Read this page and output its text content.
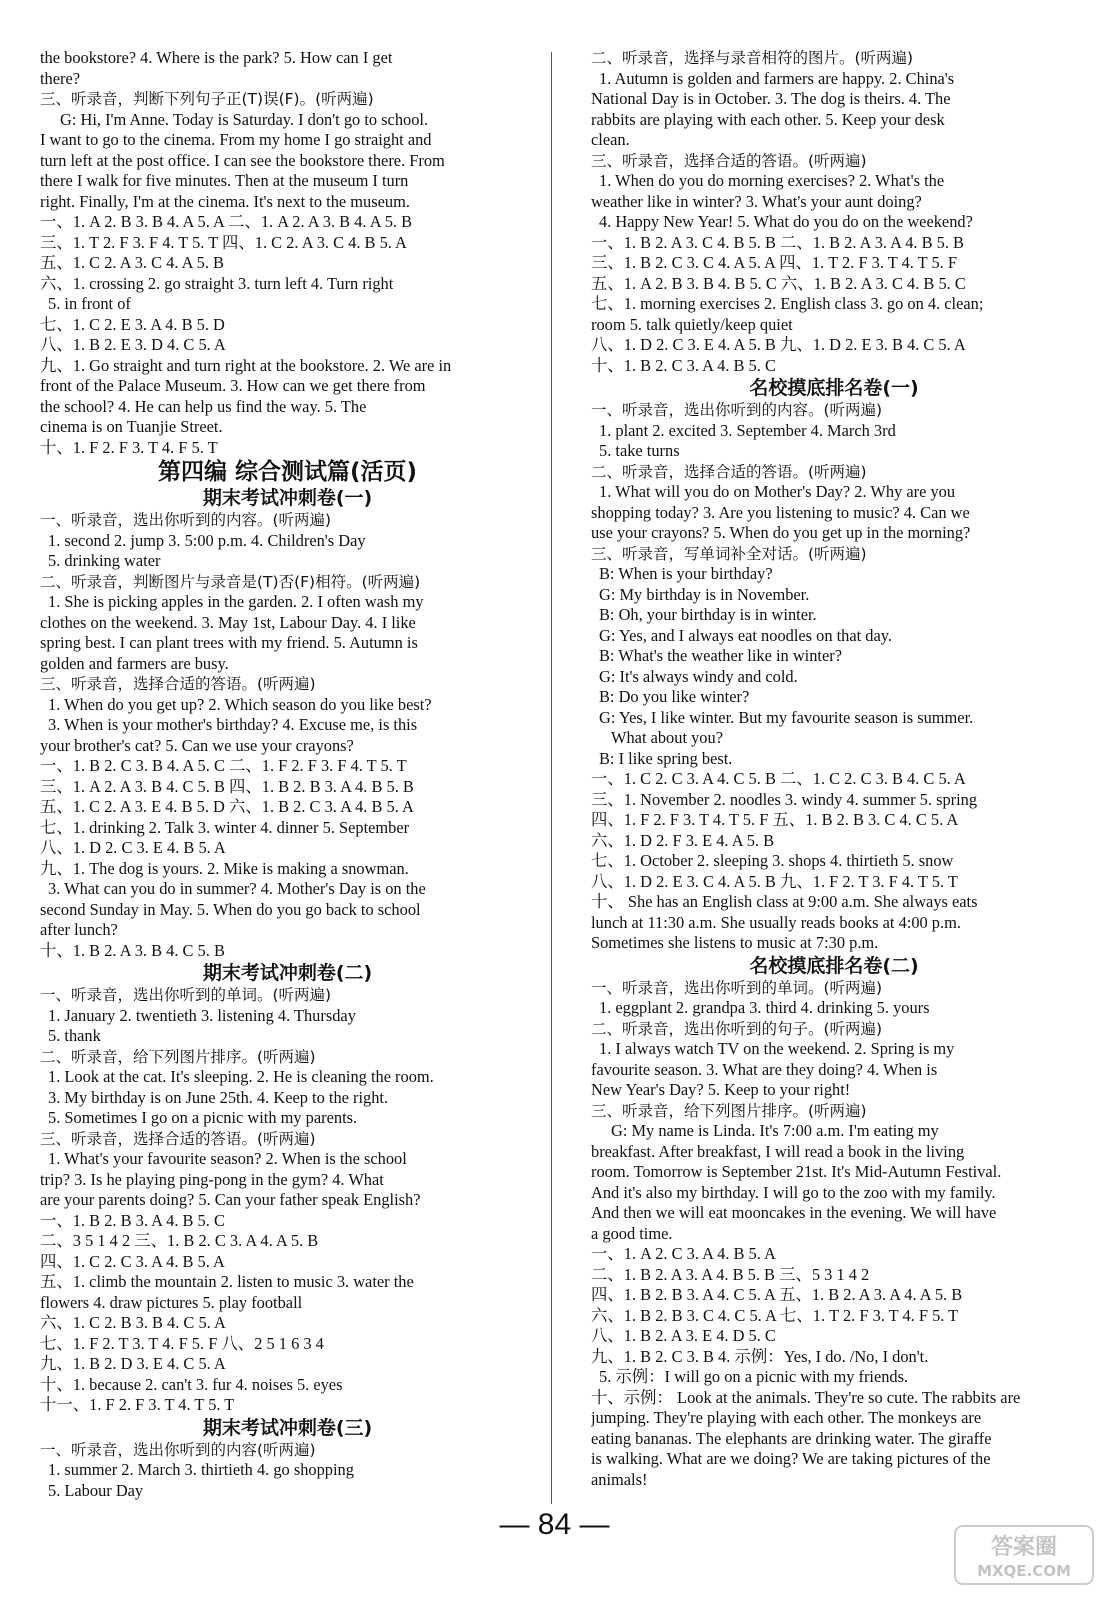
the bookstore? 4. Where is the park? 5. How can I get
there?
三、听录音，判断下列句子正(T)误(F)。(听两遍)
G: Hi, I'm Anne. Today is Saturday. I don't go to school.
I want to go to the cinema. From my home I go straight and
turn left at the post office. I can see the bookstore there. From
there I walk for five minutes. Then at the museum I turn
right. Finally, I'm at the cinema. It's next to the museum.
一、1. A 2. B 3. B 4. A 5. A 二、1. A 2. A 3. B 4. A 5. B
三、1. T 2. F 3. F 4. T 5. T 四、1. C 2. A 3. C 4. B 5. A
五、1. C 2. A 3. C 4. A 5. B
六、1. crossing 2. go straight 3. turn left 4. Turn right
5. in front of
七、1. C 2. E 3. A 4. B 5. D
八、1. B 2. E 3. D 4. C 5. A
九、1. Go straight and turn right at the bookstore. 2. We are in
front of the Palace Museum. 3. How can we get there from
the school? 4. He can help us find the way. 5. The
cinema is on Tuanjie Street.
十、1. F 2. F 3. T 4. F 5. T
第四编 综合测试篇(活页)
期末考试冲刺卷(一)
一、听录音，选出你听到的内容。(听两遍)
1. second 2. jump 3. 5:00 p.m. 4. Children's Day
5. drinking water
二、听录音，判断图片与录音是(T)否(F)相符。(听两遍)
1. She is picking apples in the garden. 2. I often wash my
clothes on the weekend. 3. May 1st, Labour Day. 4. I like
spring best. I can plant trees with my friend. 5. Autumn is
golden and farmers are busy.
三、听录音，选择合适的答语。(听两遍)
1. When do you get up? 2. Which season do you like best?
3. When is your mother's birthday? 4. Excuse me, is this
your brother's cat? 5. Can we use your crayons?
一、1. B 2. C 3. B 4. A 5. C 二、1. F 2. F 3. F 4. T 5. T
三、1. A 2. A 3. B 4. C 5. B 四、1. B 2. B 3. A 4. B 5. B
五、1. C 2. A 3. E 4. B 5. D 六、1. B 2. C 3. A 4. B 5. A
七、1. drinking 2. Talk 3. winter 4. dinner 5. September
八、1. D 2. C 3. E 4. B 5. A
九、1. The dog is yours. 2. Mike is making a snowman.
3. What can you do in summer? 4. Mother's Day is on the
second Sunday in May. 5. When do you go back to school
after lunch?
十、1. B 2. A 3. B 4. C 5. B
期末考试冲刺卷(二)
一、听录音，选出你听到的单词。(听两遍)
1. January 2. twentieth 3. listening 4. Thursday
5. thank
二、听录音，给下列图片排序。(听两遍)
1. Look at the cat. It's sleeping. 2. He is cleaning the room.
3. My birthday is on June 25th. 4. Keep to the right.
5. Sometimes I go on a picnic with my parents.
三、听录音，选择合适的答语。(听两遍)
1. What's your favourite season? 2. When is the school
trip? 3. Is he playing ping-pong in the gym? 4. What
are your parents doing? 5. Can your father speak English?
一、1. B 2. B 3. A 4. B 5. C
二、3 5 1 4 2 三、1. B 2. C 3. A 4. A 5. B
四、1. C 2. C 3. A 4. B 5. A
五、1. climb the mountain 2. listen to music 3. water the
flowers 4. draw pictures 5. play football
六、1. C 2. B 3. B 4. C 5. A
七、1. F 2. T 3. T 4. F 5. F 八、2 5 1 6 3 4
九、1. B 2. D 3. E 4. C 5. A
十、1. because 2. can't 3. fur 4. noises 5. eyes
十一、1. F 2. F 3. T 4. T 5. T
期末考试冲刺卷(三)
一、听录音，选出你听到的内容(听两遍)
1. summer 2. March 3. thirtieth 4. go shopping
5. Labour Day
二、听录音，选择与录音相符的图片。(听两遍)
1. Autumn is golden and farmers are happy. 2. China's
National Day is in October. 3. The dog is theirs. 4. The
rabbits are playing with each other. 5. Keep your desk
clean.
三、听录音，选择合适的答语。(听两遍)
1. When do you do morning exercises? 2. What's the
weather like in winter? 3. What's your aunt doing?
4. Happy New Year! 5. What do you do on the weekend?
一、1. B 2. A 3. C 4. B 5. B 二、1. B 2. A 3. A 4. B 5. B
三、1. B 2. C 3. C 4. A 5. A 四、1. T 2. F 3. T 4. T 5. F
五、1. A 2. B 3. B 4. B 5. C 六、1. B 2. A 3. C 4. B 5. C
七、1. morning exercises 2. English class 3. go on 4. clean;
room 5. talk quietly/keep quiet
八、1. D 2. C 3. E 4. A 5. B 九、1. D 2. E 3. B 4. C 5. A
十、1. B 2. C 3. A 4. B 5. C
名校摸底排名卷(一)
一、听录音，选出你听到的内容。(听两遍)
1. plant 2. excited 3. September 4. March 3rd
5. take turns
二、听录音，选择合适的答语。(听两遍)
1. What will you do on Mother's Day? 2. Why are you
shopping today? 3. Are you listening to music? 4. Can we
use your crayons? 5. When do you get up in the morning?
三、听录音，写单词补全对话。(听两遍)
B: When is your birthday?
G: My birthday is in November.
B: Oh, your birthday is in winter.
G: Yes, and I always eat noodles on that day.
B: What's the weather like in winter?
G: It's always windy and cold.
B: Do you like winter?
G: Yes, I like winter. But my favourite season is summer.
What about you?
B: I like spring best.
一、1. C 2. C 3. A 4. C 5. B 二、1. C 2. C 3. B 4. C 5. A
三、1. November 2. noodles 3. windy 4. summer 5. spring
四、1. F 2. F 3. T 4. T 5. F 五、1. B 2. B 3. C 4. C 5. A
六、1. D 2. F 3. E 4. A 5. B
七、1. October 2. sleeping 3. shops 4. thirtieth 5. snow
八、1. D 2. E 3. C 4. A 5. B 九、1. F 2. T 3. F 4. T 5. T
十、 She has an English class at 9:00 a.m. She always eats
lunch at 11:30 a.m. She usually reads books at 4:00 p.m.
Sometimes she listens to music at 7:30 p.m.
名校摸底排名卷(二)
一、听录音，选出你听到的单词。(听两遍)
1. eggplant 2. grandpa 3. third 4. drinking 5. yours
二、听录音，选出你听到的句子。(听两遍)
1. I always watch TV on the weekend. 2. Spring is my
favourite season. 3. What are they doing? 4. When is
New Year's Day? 5. Keep to your right!
三、听录音，给下列图片排序。(听两遍)
G: My name is Linda. It's 7:00 a.m. I'm eating my
breakfast. After breakfast, I will read a book in the living
room. Tomorrow is September 21st. It's Mid-Autumn Festival.
And it's also my birthday. I will go to the zoo with my family.
And then we will eat mooncakes in the evening. We will have
a good time.
一、1. A 2. C 3. A 4. B 5. A
二、1. B 2. A 3. A 4. B 5. B 三、5 3 1 4 2
四、1. B 2. B 3. A 4. C 5. A 五、1. B 2. A 3. A 4. A 5. B
六、1. B 2. B 3. C 4. C 5. A 七、1. T 2. F 3. T 4. F 5. T
八、1. B 2. A 3. E 4. D 5. C
九、1. B 2. C 3. B 4. 示例：Yes, I do. /No, I don't.
5. 示例：I will go on a picnic with my friends.
十、示例： Look at the animals. They're so cute. The rabbits are
jumping. They're playing with each other. The monkeys are
eating bananas. The elephants are drinking water. The giraffe
is walking. What are we doing? We are taking pictures of the
animals!
— 84 —
答案圈
MXQE.COM
